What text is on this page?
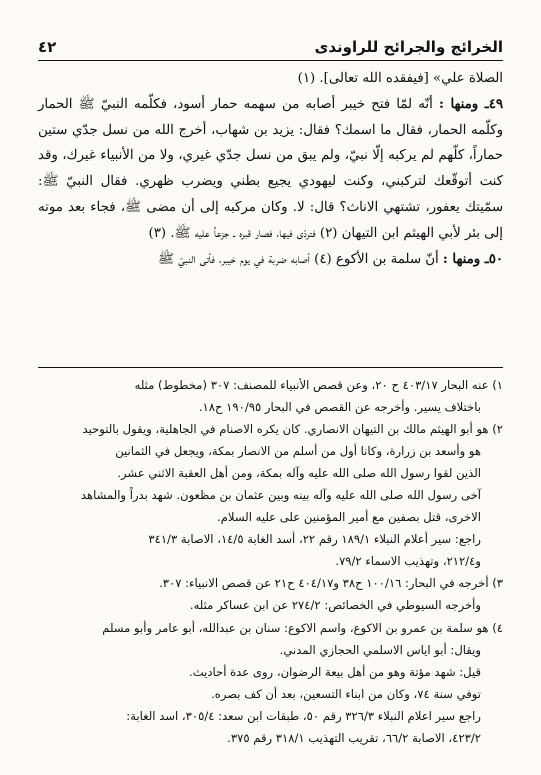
الخرائج والجرائح للراوندى
٤٢

الصلاة علي» [فيفقده الله تعالى]. (١)

٤٩ـ ومنها : أنّه لمّا فتح خيبر أصابه من سهمه حمار أسود، فكلّمه النبيّ ﷺ الحمار وكلّمه الحمار، فقال ما اسمك؟ فقال: يزيد بن شهاب، أخرج الله من نسل جدّي ستين حماراً، كلّهم لم يركبه إلّا نبيّ، ولم يبق من نسل جدّي غيري، ولا من الأنبياء غيرك، وقد كنت أتوقّعك لتركبني، وكنت ليهودي يجيع بطني ويضرب ظهري. فقال النبيّ ﷺ: سمّيتك يعفور، تشتهي الاناث؟ قال: لا. وكان مركبه إلى أن مضى ﷺ، فجاء بعد موته إلى بئر لأبي الهيثم ابن التيهان (٢) فتردّى فيها، فصار قبره ـ جزعاً عليه ﷺ. (٣)

٥٠ـ ومنها : أنّ سلمة بن الأكوع (٤) أصابه ضربة في يوم خيبر، فأتى النبيّ ﷺ

١) عنه البحار ٤٠٣/١٧ ح ٢٠، وعن قصص الأنبياء للمصنف: ٣٠٧ (مخطوط) مثله
باختلاف يسير. وأخرجه عن القصص في البحار ١٩٠/٩٥ ح١٨.
٢) هو أبو الهيثم مالك بن التيهان الانصاري. كان يكره الاصنام في الجاهلية، ويقول بالتوحيد
هو وأسعد بن زرارة، وكانا أول من أسلم من الانصار بمكة، ويجعل في الثمانين
الذين لقوا رسول الله صلى الله عليه وآله بمكة، ومن أهل العقبة الاثني عشر.
آخى رسول الله صلى الله عليه وآله بينه وبين عثمان بن مظعون. شهد بدراً والمشاهد
الاخرى، قتل بصفين مع أمير المؤمنين على عليه السلام.
راجع: سير أعلام النبلاء ١٨٩/١ رقم ٢٢، أسد الغابة ١٤/٥، الاصابة ٣٤١/٣
و٢١٢/٤، وتهذيب الاسماء ٧٩/٢.
٣) أخرجه في البحار: ١٠٠/١٦ ح٣٨ و٤٠٤/١٧ ح٢١ عن قصص الانبياء: ٣٠٧.
وأخرجه السيوطي في الخصائص: ٢٧٤/٢ عن ابن عساكر مثله.
٤) هو سلمة بن عمرو بن الاكوع، واسم الاكوع: سنان بن عبدالله، أبو عامر وأبو مسلم
ويقال: أبو اياس الاسلمي الحجازي المدني.
قيل: شهد مؤتة وهو من أهل بيعة الرضوان، روى عدة أحاديث.
توفي سنة ٧٤، وكان من ابناء التسعين، بعد أن كف بصره.
راجع سير اعلام النبلاء ٣٢٦/٣ رقم ٥٠، طبقات ابن سعد: ٣٠٥/٤، اسد الغابة:
٤٢٣/٢، الاصابة ٦٦/٢، تقريب التهذيب ٣١٨/١ رقم ٣٧٥.
